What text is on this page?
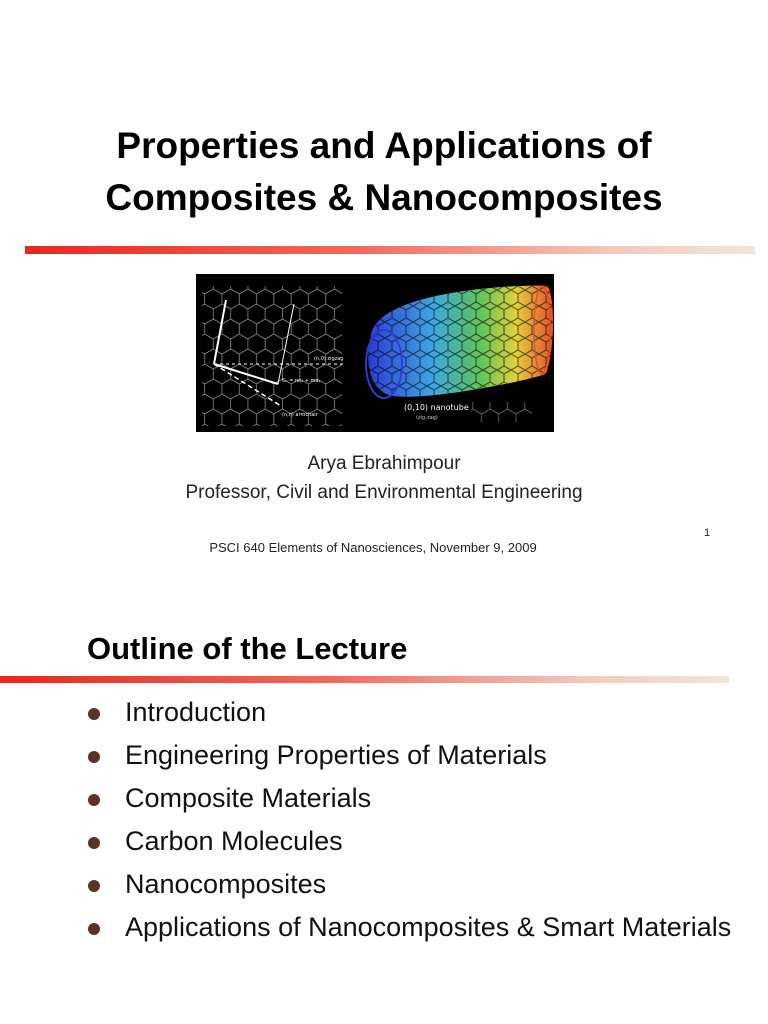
Properties and Applications of
Composites & Nanocomposites
(n,0) zigzag
Cₕ = na₁ + ma₂
(n,n) armchair
(0,10) nanotube
(zig-zag)
Arya Ebrahimpour
Professor, Civil and Environmental Engineering
1
PSCI 640 Elements of Nanosciences, November 9, 2009
Outline of the Lecture
Introduction
Engineering Properties of Materials
Composite Materials
Carbon Molecules
Nanocomposites
Applications of Nanocomposites & Smart Materials
